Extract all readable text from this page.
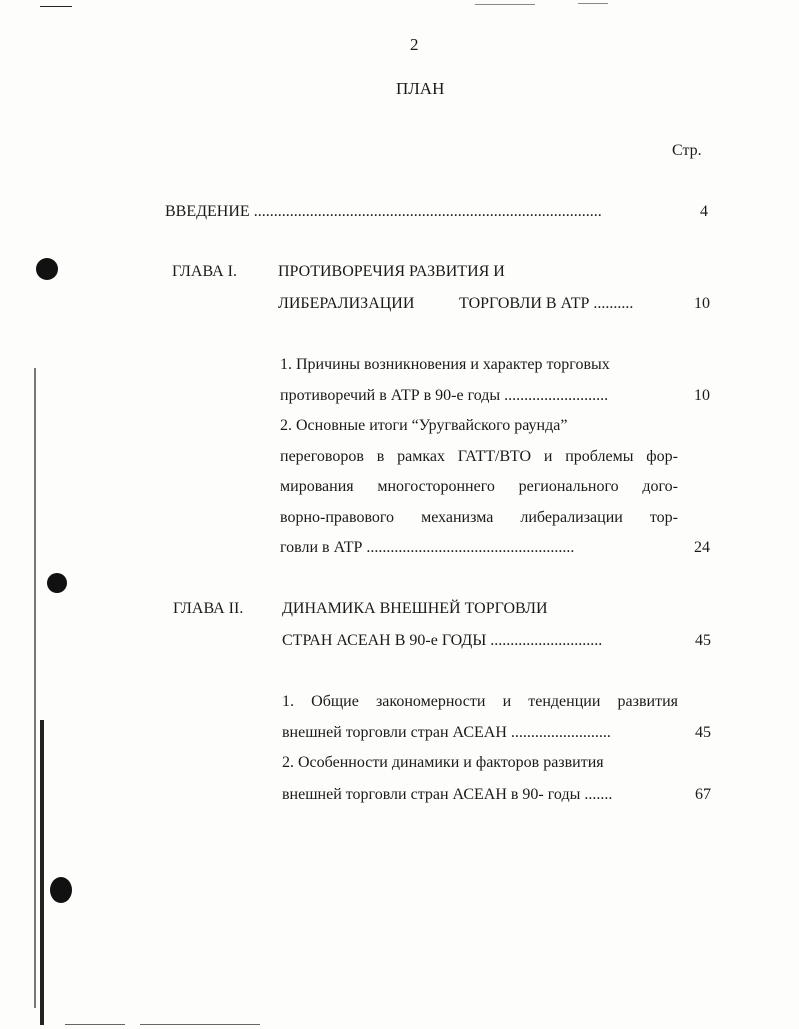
2
ПЛАН
Стр.
ВВЕДЕНИЕ .......................................................................................	4
ГЛАВА I.	ПРОТИВОРЕЧИЯ РАЗВИТИЯ И
ЛИБЕРАЛИЗАЦИИ	ТОРГОВЛИ В АТР ..........	10
1. Причины возникновения и характер торговых
противоречий в АТР в 90-е годы ..........................	10
2. Основные итоги “Уругвайского раунда”
переговоров в рамках ГАТТ/ВТО и проблемы фор-
мирования многостороннего регионального дого-
ворно-правового механизма либерализации тор-
говли в АТР ....................................................	24
ГЛАВА II. ДИНАМИКА ВНЕШНЕЙ ТОРГОВЛИ
СТРАН АСЕАН В 90-е ГОДЫ ............................	45
1. Общие закономерности и тенденции развития
внешней торговли стран АСЕАН .........................	45
2. Особенности динамики и факторов развития
внешней торговли стран АСЕАН в 90- годы .......	67
